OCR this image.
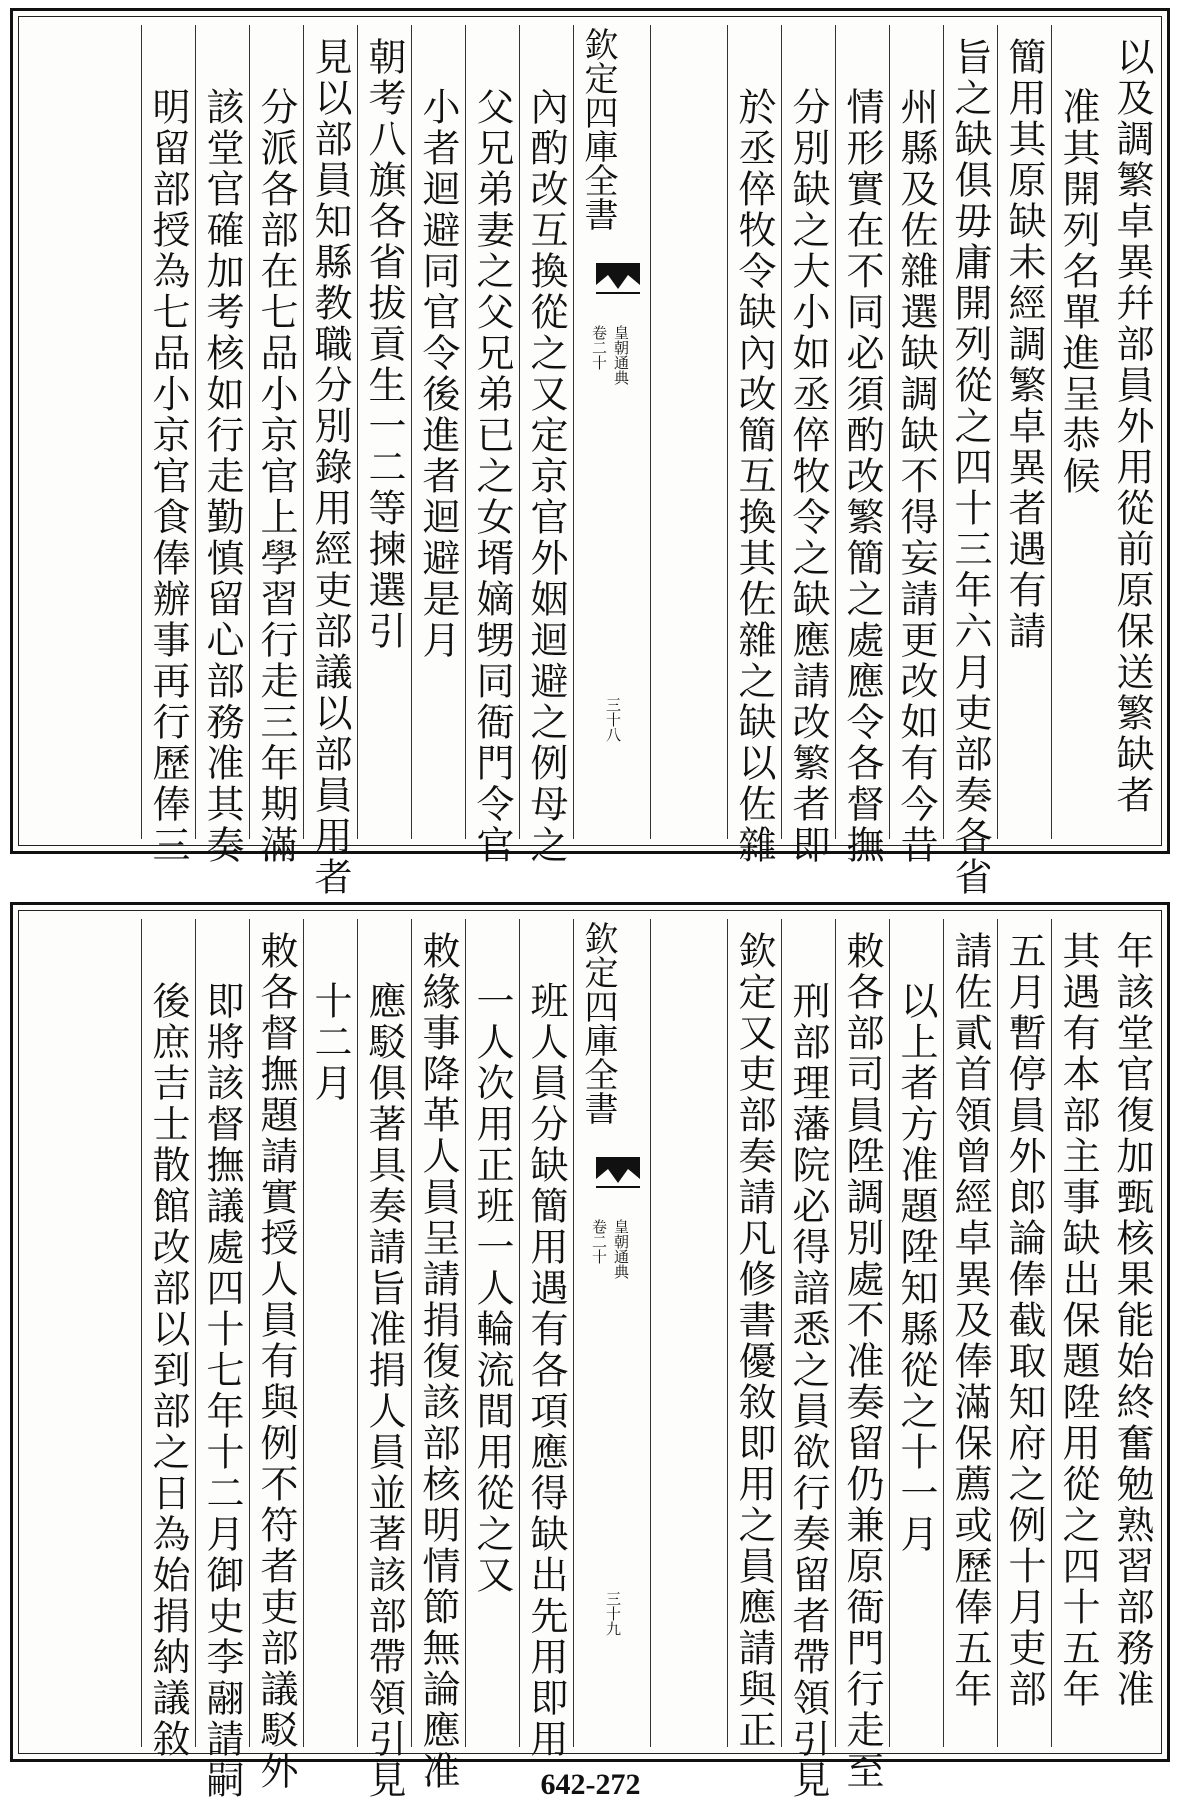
以及調繁卓異幷部員外用從前原保送繁缺者
准其開列名單進呈恭候
簡用其原缺未經調繁卓異者遇有請
旨之缺俱毋庸開列從之四十三年六月吏部奏各省
州縣及佐雜選缺調缺不得妄請更改如有今昔
情形實在不同必須酌改繁簡之處應令各督撫
分別缺之大小如丞倅牧令之缺應請改繁者即
於丞倅牧令缺內改簡互換其佐雜之缺以佐雜
欽定四庫全書
皇朝通典
卷二十
三十八
內酌改互換從之又定京官外姻迴避之例母之
父兄弟妻之父兄弟已之女壻嫡甥同衙門令官
小者迴避同官令後進者迴避是月
朝考八旗各省拔貢生一二等揀選引
見以部員知縣教職分別錄用經吏部議以部員用者
分派各部在七品小京官上學習行走三年期滿
該堂官確加考核如行走勤慎留心部務准其奏
明留部授為七品小京官食俸辦事再行歷俸三
年該堂官復加甄核果能始終奮勉熟習部務准
其遇有本部主事缺出保題陞用從之四十五年
五月暫停員外郎論俸截取知府之例十月吏部
請佐貳首領曾經卓異及俸滿保薦或歷俸五年
以上者方准題陞知縣從之十一月
敕各部司員陞調別處不准奏留仍兼原衙門行走至
刑部理藩院必得諳悉之員欲行奏留者帶領引見
欽定又吏部奏請凡修書優敘即用之員應請與正
欽定四庫全書
皇朝通典
卷二十
三十九
班人員分缺簡用遇有各項應得缺出先用即用
一人次用正班一人輪流間用從之又
敕緣事降革人員呈請捐復該部核明情節無論應准
應駁俱著具奏請旨准捐人員並著該部帶領引見
十二月
敕各督撫題請實授人員有與例不符者吏部議駁外
即將該督撫議處四十七年十二月御史李翮請嗣
後庶吉士散館改部以到部之日為始捐納議敘
642-272
